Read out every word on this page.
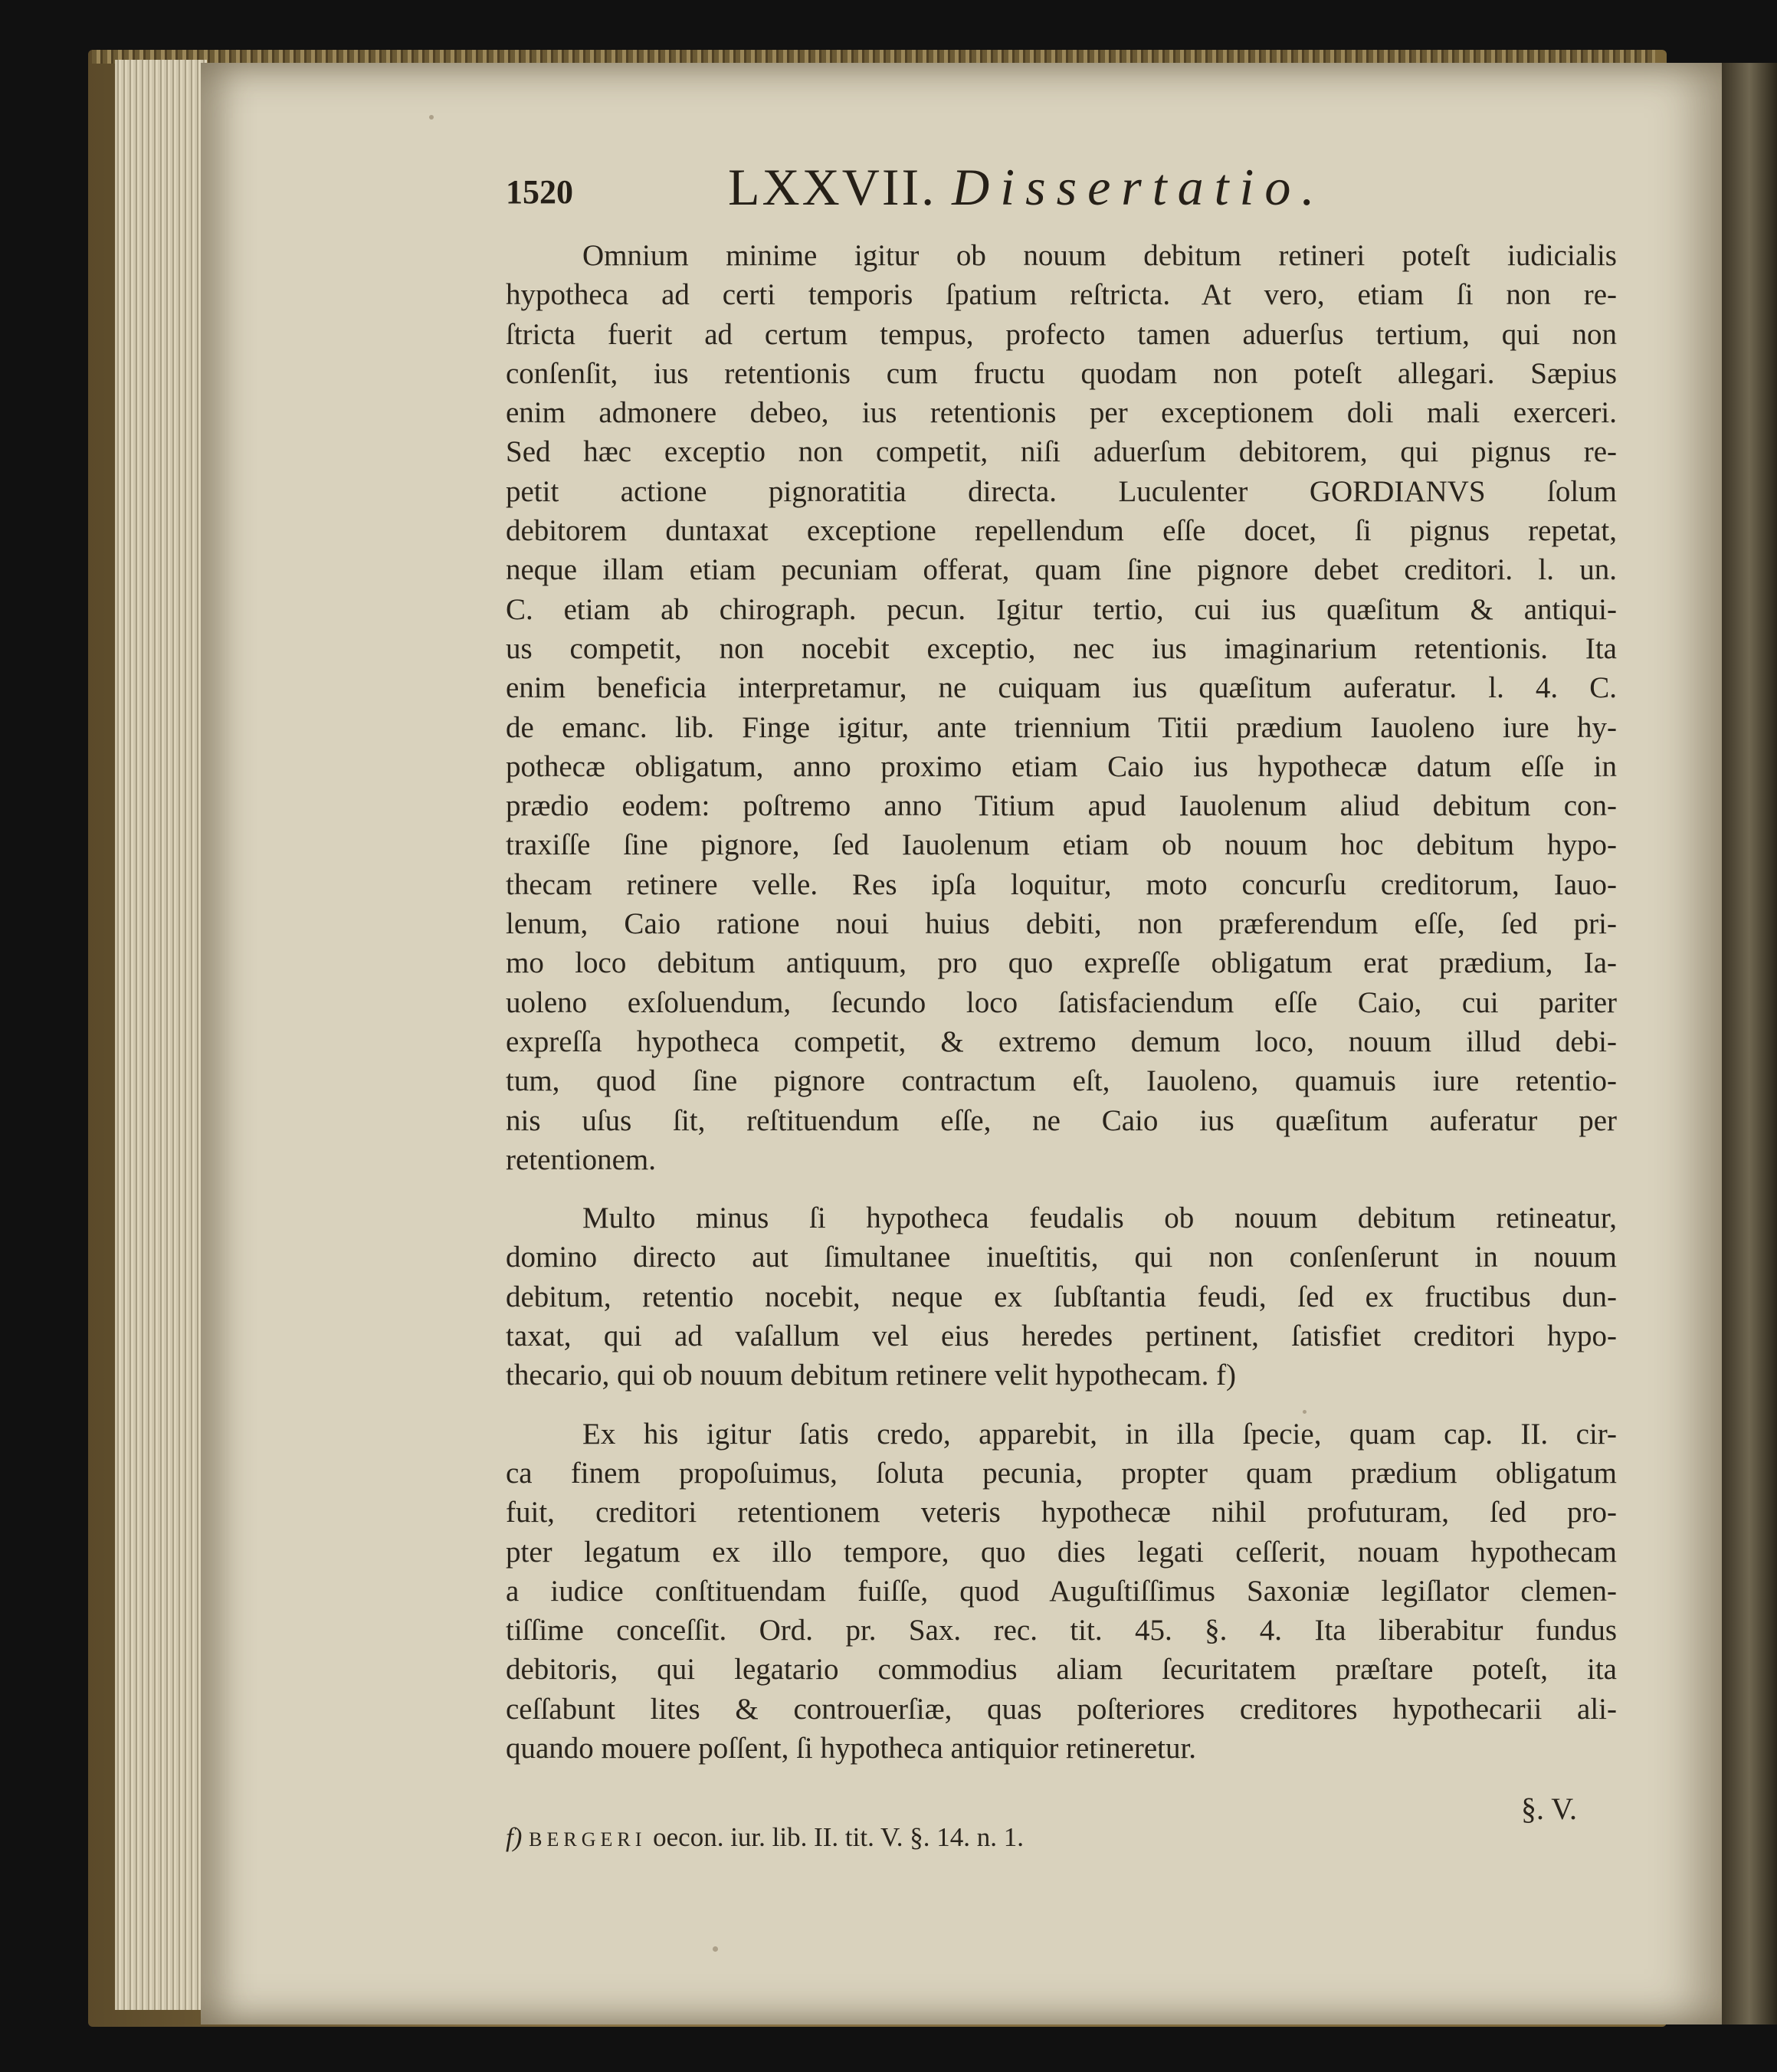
1520	LXXVII. Dissertatio.
Omnium minime igitur ob nouum debitum retineri poteſt iudicialis
hypotheca ad certi temporis ſpatium reſtricta. At vero, etiam ſi non re-
ſtricta fuerit ad certum tempus, profecto tamen aduerſus tertium, qui non
conſenſit, ius retentionis cum fructu quodam non poteſt allegari. Sæpius
enim admonere debeo, ius retentionis per exceptionem doli mali exerceri.
Sed hæc exceptio non competit, niſi aduerſum debitorem, qui pignus re-
petit actione pignoratitia directa. Luculenter GORDIANVS ſolum
debitorem duntaxat exceptione repellendum eſſe docet, ſi pignus repetat,
neque illam etiam pecuniam offerat, quam ſine pignore debet creditori. l. un.
C. etiam ab chirograph. pecun. Igitur tertio, cui ius quæſitum & antiqui-
us competit, non nocebit exceptio, nec ius imaginarium retentionis. Ita
enim beneficia interpretamur, ne cuiquam ius quæſitum auferatur. l. 4. C.
de emanc. lib. Finge igitur, ante triennium Titii prædium Iauoleno iure hy-
pothecæ obligatum, anno proximo etiam Caio ius hypothecæ datum eſſe in
prædio eodem: poſtremo anno Titium apud Iauolenum aliud debitum con-
traxiſſe ſine pignore, ſed Iauolenum etiam ob nouum hoc debitum hypo-
thecam retinere velle. Res ipſa loquitur, moto concurſu creditorum, Iauo-
lenum, Caio ratione noui huius debiti, non præferendum eſſe, ſed pri-
mo loco debitum antiquum, pro quo expreſſe obligatum erat prædium, Ia-
uoleno exſoluendum, ſecundo loco ſatisfaciendum eſſe Caio, cui pariter
expreſſa hypotheca competit, & extremo demum loco, nouum illud debi-
tum, quod ſine pignore contractum eſt, Iauoleno, quamuis iure retentio-
nis uſus ſit, reſtituendum eſſe, ne Caio ius quæſitum auferatur per
retentionem.
Multo minus ſi hypotheca feudalis ob nouum debitum retineatur,
domino directo aut ſimultanee inueſtitis, qui non conſenſerunt in nouum
debitum, retentio nocebit, neque ex ſubſtantia feudi, ſed ex fructibus dun-
taxat, qui ad vaſallum vel eius heredes pertinent, ſatisfiet creditori hypo-
thecario, qui ob nouum debitum retinere velit hypothecam. f)
Ex his igitur ſatis credo, apparebit, in illa ſpecie, quam cap. II. cir-
ca finem propoſuimus, ſoluta pecunia, propter quam prædium obligatum
fuit, creditori retentionem veteris hypothecæ nihil profuturam, ſed pro-
pter legatum ex illo tempore, quo dies legati ceſſerit, nouam hypothecam
a iudice conſtituendam fuiſſe, quod Auguſtiſſimus Saxoniæ legiſlator clemen-
tiſſime conceſſit. Ord. pr. Sax. rec. tit. 45. §. 4. Ita liberabitur fundus
debitoris, qui legatario commodius aliam ſecuritatem præſtare poteſt, ita
ceſſabunt lites & controuerſiæ, quas poſteriores creditores hypothecarii ali-
quando mouere poſſent, ſi hypotheca antiquior retineretur.
§. V.
f) BERGERI oecon. iur. lib. II. tit. V. §. 14. n. 1.
